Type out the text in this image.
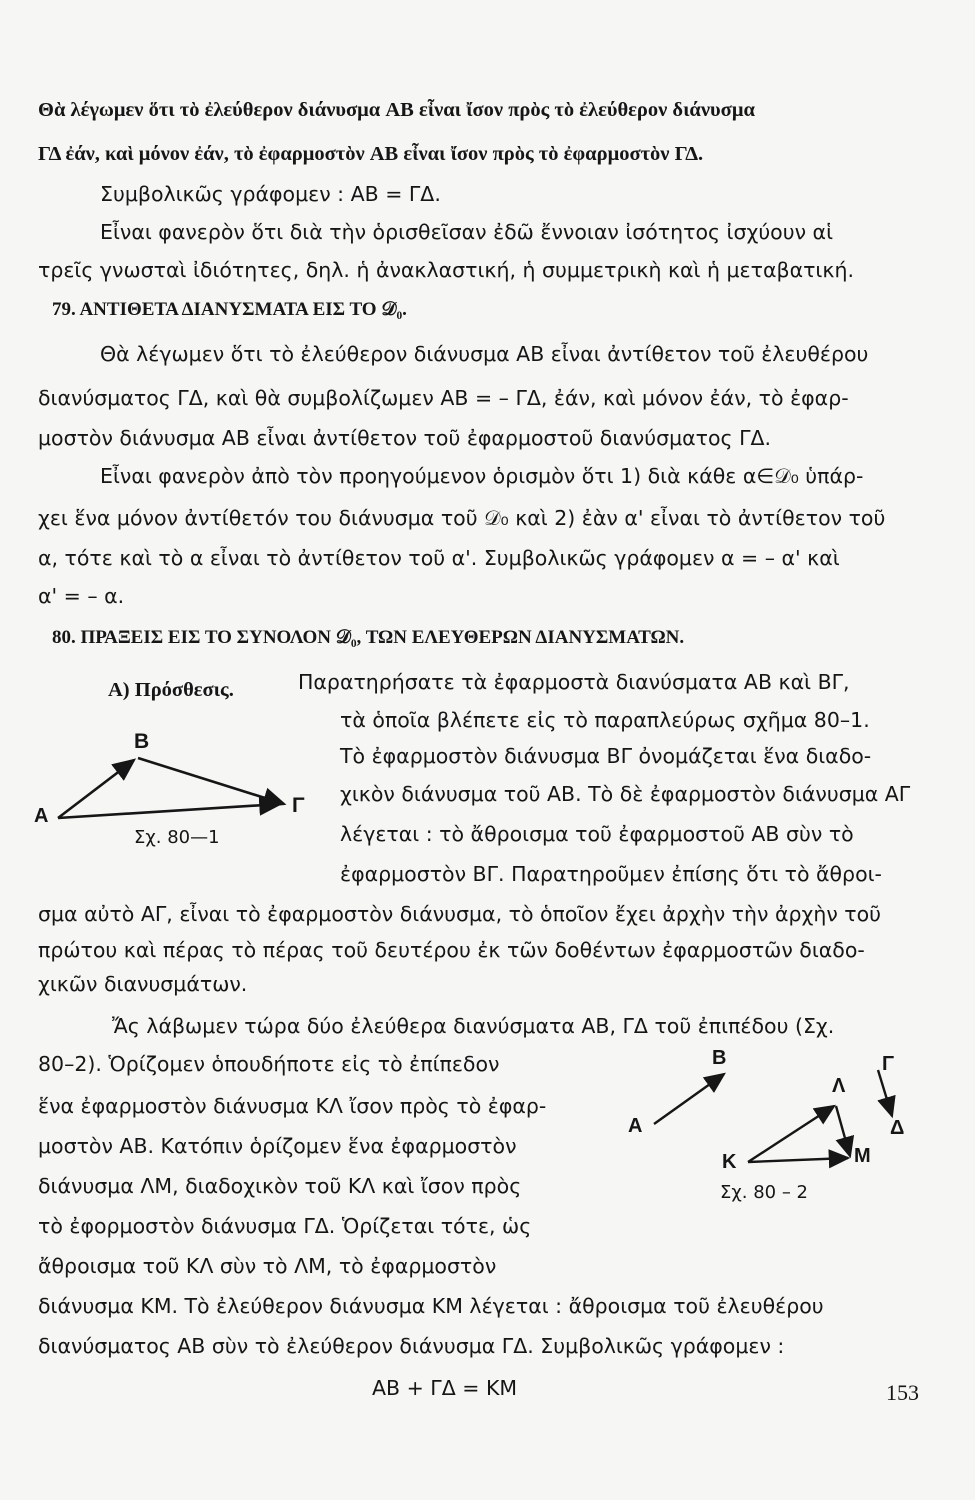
Θὰ λέγωμεν ὅτι τὸ ἐλεύθερον διάνυσμα AB εἶναι ἴσον πρὸς τὸ ἐλεύθερον διάνυσμα
ΓΔ ἐάν, καὶ μόνον ἐάν, τὸ ἐφαρμοστὸν AB εἶναι ἴσον πρὸς τὸ ἐφαρμοστὸν ΓΔ.
Συμβολικῶς γράφομεν : AB = ΓΔ.
Εἶναι φανερὸν ὅτι διὰ τὴν ὁρισθεῖσαν ἐδῶ ἔννοιαν ἰσότητος ἰσχύουν αἱ
τρεῖς γνωσταὶ ἰδιότητες, δηλ. ἡ ἀνακλαστική, ἡ συμμετρικὴ καὶ ἡ μεταβατική.
79. ΑΝΤΙΘΕΤΑ ΔΙΑΝΥΣΜΑΤΑ ΕΙΣ ΤΟ 𝒟₀.
Θὰ λέγωμεν ὅτι τὸ ἐλεύθερον διάνυσμα AB εἶναι ἀντίθετον τοῦ ἐλευθέρου
διανύσματος ΓΔ, καὶ θὰ συμβολίζωμεν AB = – ΓΔ, ἐάν, καὶ μόνον ἐάν, τὸ ἐφαρ-
μοστὸν διάνυσμα AB εἶναι ἀντίθετον τοῦ ἐφαρμοστοῦ διανύσματος ΓΔ.
Εἶναι φανερὸν ἀπὸ τὸν προηγούμενον ὁρισμὸν ὅτι 1) διὰ κάθε α∈𝒟₀ ὑπάρ-
χει ἕνα μόνον ἀντίθετόν του διάνυσμα τοῦ 𝒟₀ καὶ 2) ἐὰν α' εἶναι τὸ ἀντίθετον τοῦ
α, τότε καὶ τὸ α εἶναι τὸ ἀντίθετον τοῦ α'. Συμβολικῶς γράφομεν α = – α' καὶ
α' = – α.
80. ΠΡΑΞΕΙΣ ΕΙΣ ΤΟ ΣΥΝΟΛΟΝ 𝒟₀, ΤΩΝ ΕΛΕΥΘΕΡΩΝ ΔΙΑΝΥΣΜΑΤΩΝ.
Α) Πρόσθεσις.	Παρατηρήσατε τὰ ἐφαρμοστὰ διανύσματα AB καὶ BΓ,
τὰ ὁποῖα βλέπετε εἰς τὸ παραπλεύρως σχῆμα 80–1.
Τὸ ἐφαρμοστὸν διάνυσμα BΓ ὀνομάζεται ἕνα διαδο-
χικὸν διάνυσμα τοῦ AB. Τὸ δὲ ἐφαρμοστὸν διάνυσμα AΓ
λέγεται : τὸ ἄθροισμα τοῦ ἐφαρμοστοῦ AB σὺν τὸ
ἐφαρμοστὸν BΓ. Παρατηροῦμεν ἐπίσης ὅτι τὸ ἄθροι-
A
B
Γ
Σχ. 80—1
σμα αὐτὸ AΓ, εἶναι τὸ ἐφαρμοστὸν διάνυσμα, τὸ ὁποῖον ἔχει ἀρχὴν τὴν ἀρχὴν τοῦ
πρώτου καὶ πέρας τὸ πέρας τοῦ δευτέρου ἐκ τῶν δοθέντων ἐφαρμοστῶν διαδο-
χικῶν διανυσμάτων.
Ἄς λάβωμεν τώρα δύο ἐλεύθερα διανύσματα AB, ΓΔ τοῦ ἐπιπέδου (Σχ.
80–2). Ὁρίζομεν ὁπουδήποτε εἰς τὸ ἐπίπεδον
ἕνα ἐφαρμοστὸν διάνυσμα ΚΛ ἴσον πρὸς τὸ ἐφαρ-
μοστὸν AB. Κατόπιν ὁρίζομεν ἕνα ἐφαρμοστὸν
διάνυσμα ΛΜ, διαδοχικὸν τοῦ ΚΛ καὶ ἴσον πρὸς
τὸ ἐφορμοστὸν διάνυσμα ΓΔ. Ὁρίζεται τότε, ὡς
ἄθροισμα τοῦ ΚΛ σὺν τὸ ΛΜ, τὸ ἐφαρμοστὸν
A
B	Γ
Δ
K
Λ
M
Σχ. 80 – 2
διάνυσμα ΚΜ. Τὸ ἐλεύθερον διάνυσμα ΚΜ λέγεται : ἄθροισμα τοῦ ἐλευθέρου
διανύσματος AB σὺν τὸ ἐλεύθερον διάνυσμα ΓΔ. Συμβολικῶς γράφομεν :
AB + ΓΔ = ΚΜ	153
